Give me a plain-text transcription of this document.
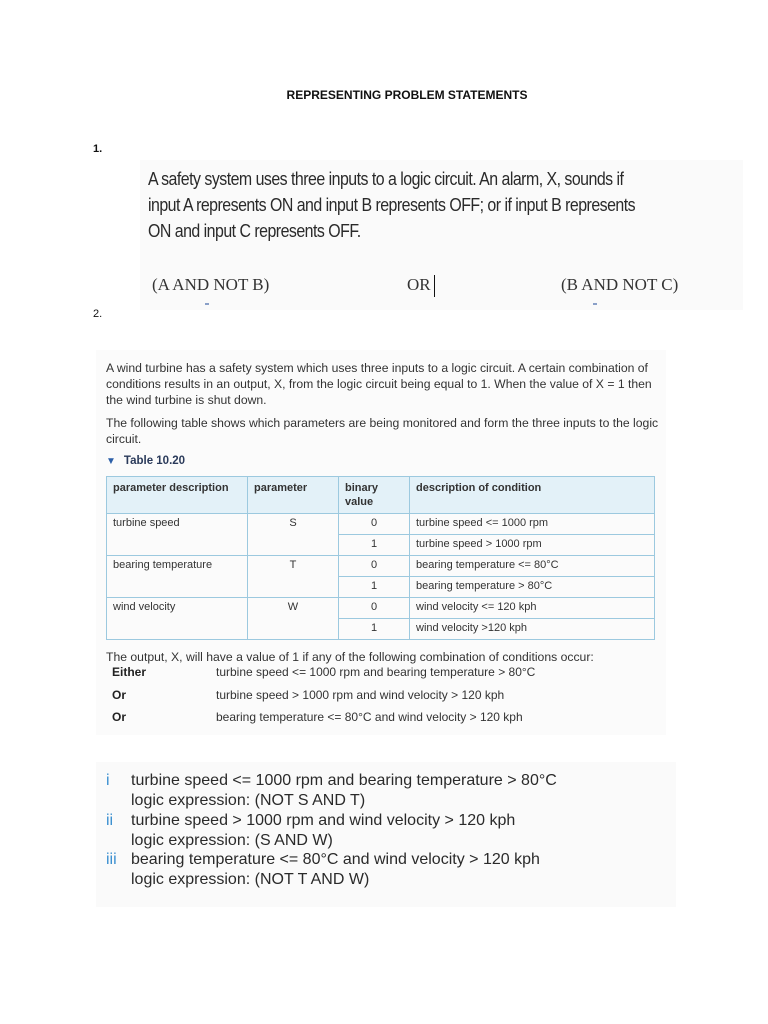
REPRESENTING PROBLEM STATEMENTS
1.
A safety system uses three inputs to a logic circuit. An alarm, X, sounds if input A represents ON and input B represents OFF; or if input B represents ON and input C represents OFF.
(A AND NOT B)	OR	(B AND NOT C)
2.
A wind turbine has a safety system which uses three inputs to a logic circuit. A certain combination of conditions results in an output, X, from the logic circuit being equal to 1. When the value of X = 1 then the wind turbine is shut down.
The following table shows which parameters are being monitored and form the three inputs to the logic circuit.
▼ Table 10.20
parameter description	parameter	binary value	description of condition
turbine speed	S	0	turbine speed <= 1000 rpm
		1	turbine speed > 1000 rpm
bearing temperature	T	0	bearing temperature <= 80°C
		1	bearing temperature > 80°C
wind velocity	W	0	wind velocity <= 120 kph
		1	wind velocity >120 kph
The output, X, will have a value of 1 if any of the following combination of conditions occur:
Either	turbine speed <= 1000 rpm and bearing temperature > 80°C
Or	turbine speed > 1000 rpm and wind velocity > 120 kph
Or	bearing temperature <= 80°C and wind velocity > 120 kph
i turbine speed <= 1000 rpm and bearing temperature > 80°C
logic expression: (NOT S AND T)
ii turbine speed > 1000 rpm and wind velocity > 120 kph
logic expression: (S AND W)
iii bearing temperature <= 80°C and wind velocity > 120 kph
logic expression: (NOT T AND W)
